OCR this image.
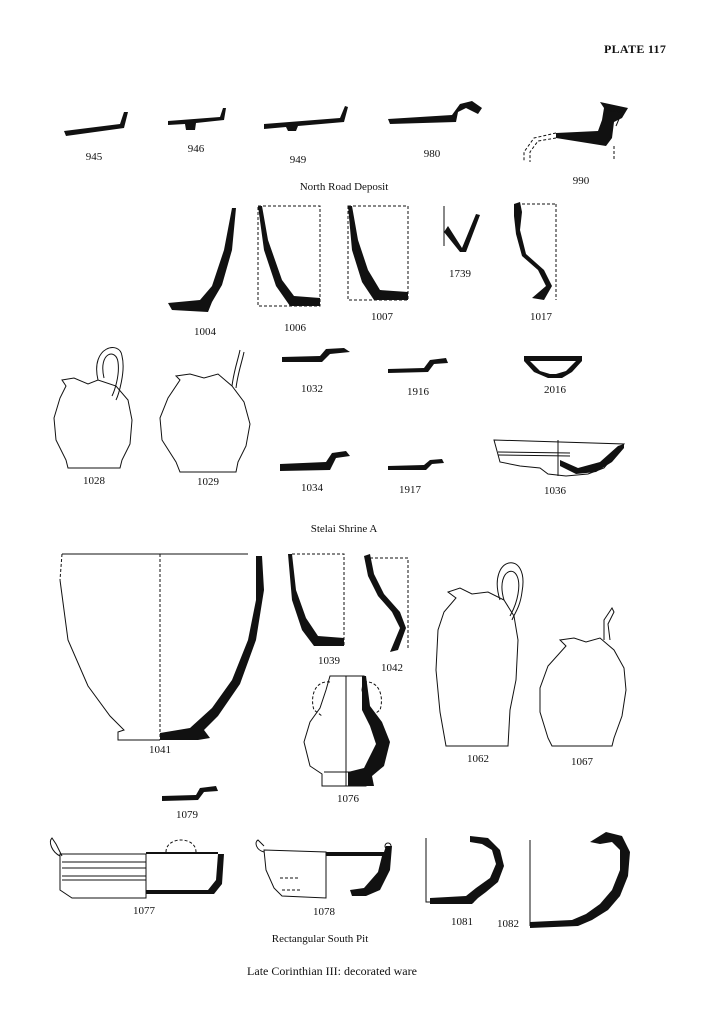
PLATE 117
North Road Deposit
Stelai Shrine A
Rectangular South Pit
945
946
949	980
990
1004	1006
1007
1739
1017
1028	1029
1032	1916	2016
1034	1917	1036
1041
1039
1042
1062	1067
1076
1079
1077	1078
1081 1082
Late Corinthian III: decorated ware
